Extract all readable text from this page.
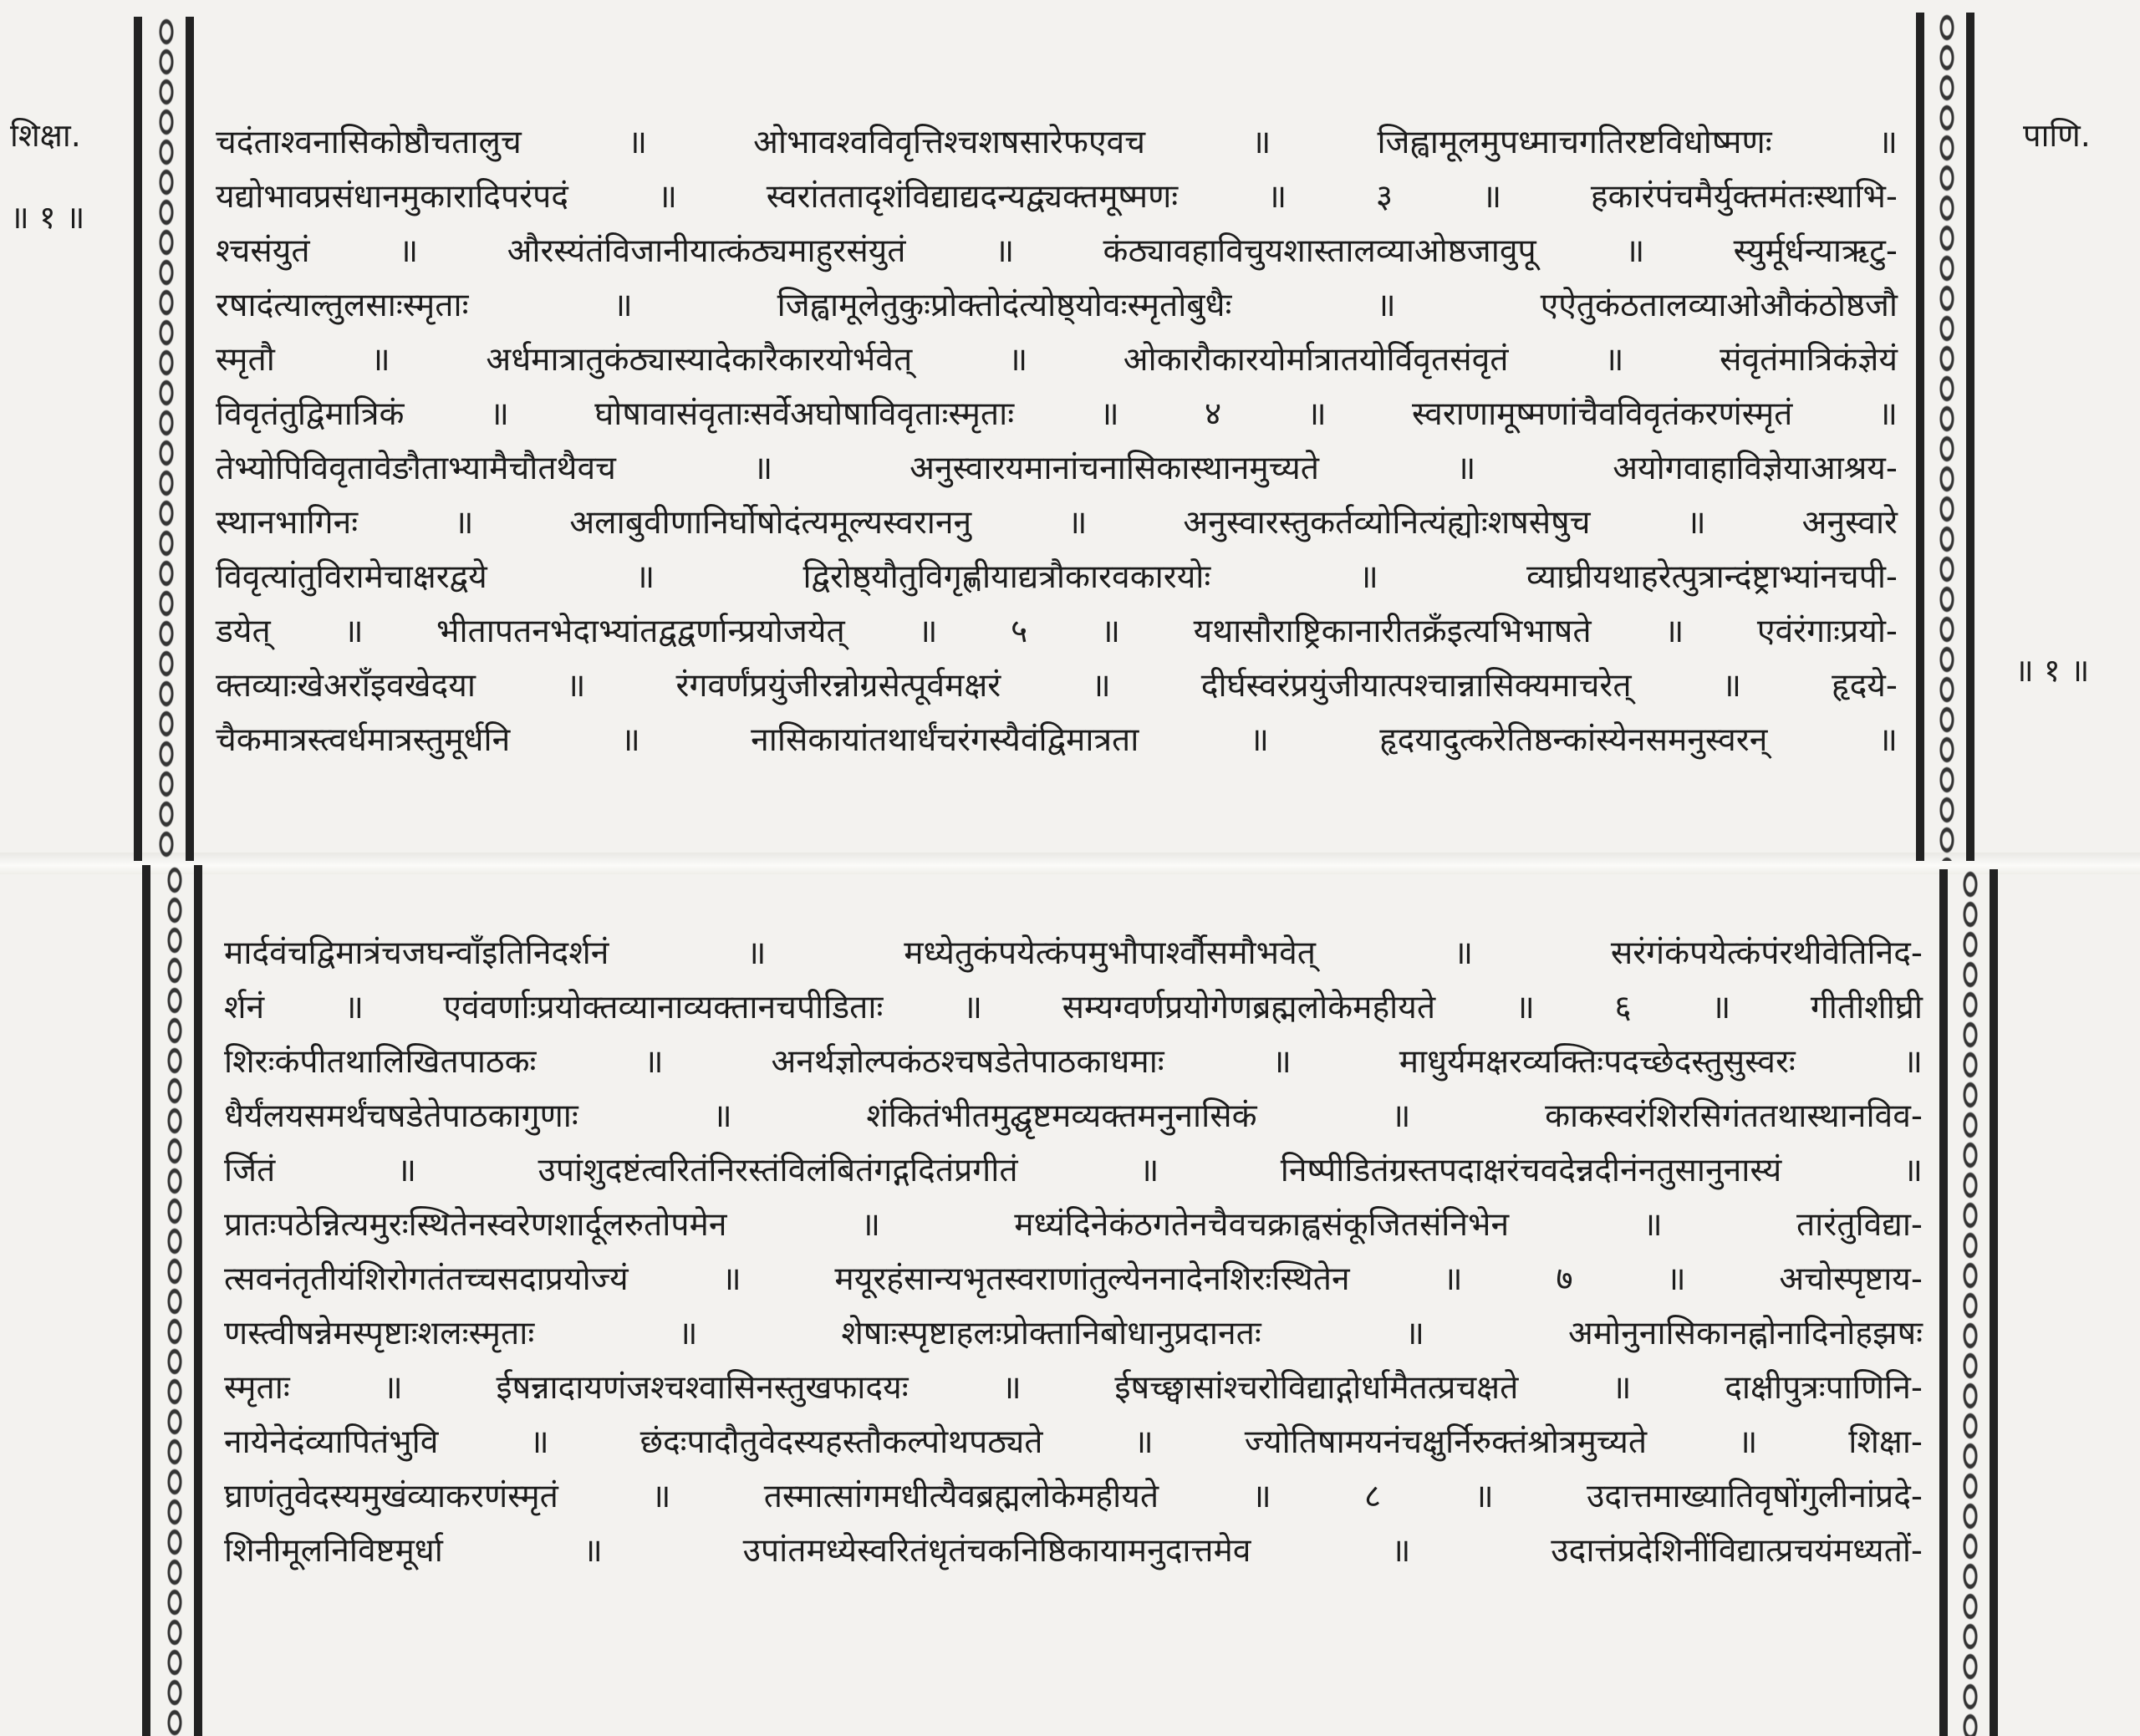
शिक्षा.
॥ १ ॥
पाणि.
॥ १ ॥
चदंताश्वनासिकोष्ठौचतालुच ॥ ओभावश्वविवृत्तिश्चशषसारेफएवच ॥ जिह्वामूलमुपध्माचगतिरष्टविधोष्मणः ॥
यद्योभावप्रसंधानमुकारादिपरंपदं ॥ स्वरांततादृशंविद्याद्यदन्यद्व्यक्तमूष्मणः ॥ ३ ॥ हकारंपंचमैर्युक्तमंतःस्थाभि-
श्चसंयुतं ॥ औरस्यंतंविजानीयात्कंठ्यमाहुरसंयुतं ॥ कंठ्यावहाविचुयशास्तालव्याओष्ठजावुपू ॥ स्युर्मूर्धन्याऋटु-
रषादंत्याल्तुलसाःस्मृताः ॥ जिह्वामूलेतुकुःप्रोक्तोदंत्योष्ठ्योवःस्मृतोबुधैः ॥ एऐतुकंठतालव्याओऔकंठोष्ठजौ
स्मृतौ ॥ अर्धमात्रातुकंठ्यास्यादेकारैकारयोर्भवेत् ॥ ओकारौकारयोर्मात्रातयोर्विवृतसंवृतं ॥ संवृतंमात्रिकंज्ञेयं
विवृतंतुद्विमात्रिकं ॥ घोषावासंवृताःसर्वेअघोषाविवृताःस्मृताः ॥ ४ ॥ स्वराणामूष्मणांचैवविवृतंकरणंस्मृतं ॥
तेभ्योपिविवृतावेङौताभ्यामैचौतथैवच ॥ अनुस्वारयमानांचनासिकास्थानमुच्यते ॥ अयोगवाहाविज्ञेयाआश्रय-
स्थानभागिनः ॥ अलाबुवीणानिर्घोषोदंत्यमूल्यस्वराननु ॥ अनुस्वारस्तुकर्तव्योनित्यंह्योःशषसेषुच ॥ अनुस्वारे
विवृत्यांतुविरामेचाक्षरद्वये ॥ द्विरोष्ठ्यौतुविगृह्णीयाद्यत्रौकारवकारयोः ॥ व्याघ्रीयथाहरेत्पुत्रान्दंष्ट्राभ्यांनचपी-
डयेत् ॥ भीतापतनभेदाभ्यांतद्वद्वर्णान्प्रयोजयेत् ॥ ५ ॥ यथासौराष्ट्रिकानारीतक्रँइत्यभिभाषते ॥ एवंरंगाःप्रयो-
क्तव्याःखेअराँइवखेदया ॥ रंगवर्णंप्रयुंजीरन्नोग्रसेत्पूर्वमक्षरं ॥ दीर्घस्वरंप्रयुंजीयात्पश्चान्नासिक्यमाचरेत् ॥ हृदये-
चैकमात्रस्त्वर्धमात्रस्तुमूर्धनि ॥ नासिकायांतथार्धंचरंगस्यैवंद्विमात्रता ॥ हृदयादुत्करेतिष्ठन्कांस्येनसमनुस्वरन् ॥
मार्दवंचद्विमात्रंचजघन्वाँइतिनिदर्शनं ॥ मध्येतुकंपयेत्कंपमुभौपार्श्वौसमौभवेत् ॥ सरंगंकंपयेत्कंपंरथीवेतिनिद-
र्शनं ॥ एवंवर्णाःप्रयोक्तव्यानाव्यक्तानचपीडिताः ॥ सम्यग्वर्णप्रयोगेणब्रह्मलोकेमहीयते ॥ ६ ॥ गीतीशीघ्री
शिरःकंपीतथालिखितपाठकः ॥ अनर्थज्ञोल्पकंठश्चषडेतेपाठकाधमाः ॥ माधुर्यमक्षरव्यक्तिःपदच्छेदस्तुसुस्वरः ॥
धैर्यंलयसमर्थंचषडेतेपाठकागुणाः ॥ शंकितंभीतमुद्घृष्टमव्यक्तमनुनासिकं ॥ काकस्वरंशिरसिगंततथास्थानविव-
र्जितं ॥ उपांशुदष्टंत्वरितंनिरस्तंविलंबितंगद्गदितंप्रगीतं ॥ निष्पीडितंग्रस्तपदाक्षरंचवदेन्नदीनंनतुसानुनास्यं ॥
प्रातःपठेन्नित्यमुरःस्थितेनस्वरेणशार्दूलरुतोपमेन ॥ मध्यंदिनेकंठगतेनचैवचक्राह्वसंकूजितसंनिभेन ॥ तारंतुविद्या-
त्सवनंतृतीयंशिरोगतंतच्चसदाप्रयोज्यं ॥ मयूरहंसान्यभृतस्वराणांतुल्येननादेनशिरःस्थितेन ॥ ७ ॥ अचोस्पृष्टाय-
णस्त्वीषन्नेमस्पृष्टाःशलःस्मृताः ॥ शेषाःस्पृष्टाहलःप्रोक्तानिबोधानुप्रदानतः ॥ अमोनुनासिकानह्नोनादिनोहझषः
स्मृताः ॥ ईषन्नादायणंजश्चश्वासिनस्तुखफादयः ॥ ईषच्छ्वासांश्चरोविद्याद्गोर्धामैतत्प्रचक्षते ॥ दाक्षीपुत्रःपाणिनि-
नायेनेदंव्यापितंभुवि ॥ छंदःपादौतुवेदस्यहस्तौकल्पोथपठ्यते ॥ ज्योतिषामयनंचक्षुर्निरुक्तंश्रोत्रमुच्यते ॥ शिक्षा-
घ्राणंतुवेदस्यमुखंव्याकरणंस्मृतं ॥ तस्मात्सांगमधीत्यैवब्रह्मलोकेमहीयते ॥ ८ ॥ उदात्तमाख्यातिवृषोंगुलीनांप्रदे-
शिनीमूलनिविष्टमूर्धा ॥ उपांतमध्येस्वरितंधृतंचकनिष्ठिकायामनुदात्तमेव ॥ उदात्तंप्रदेशिनींविद्यात्प्रचयंमध्यतों-
